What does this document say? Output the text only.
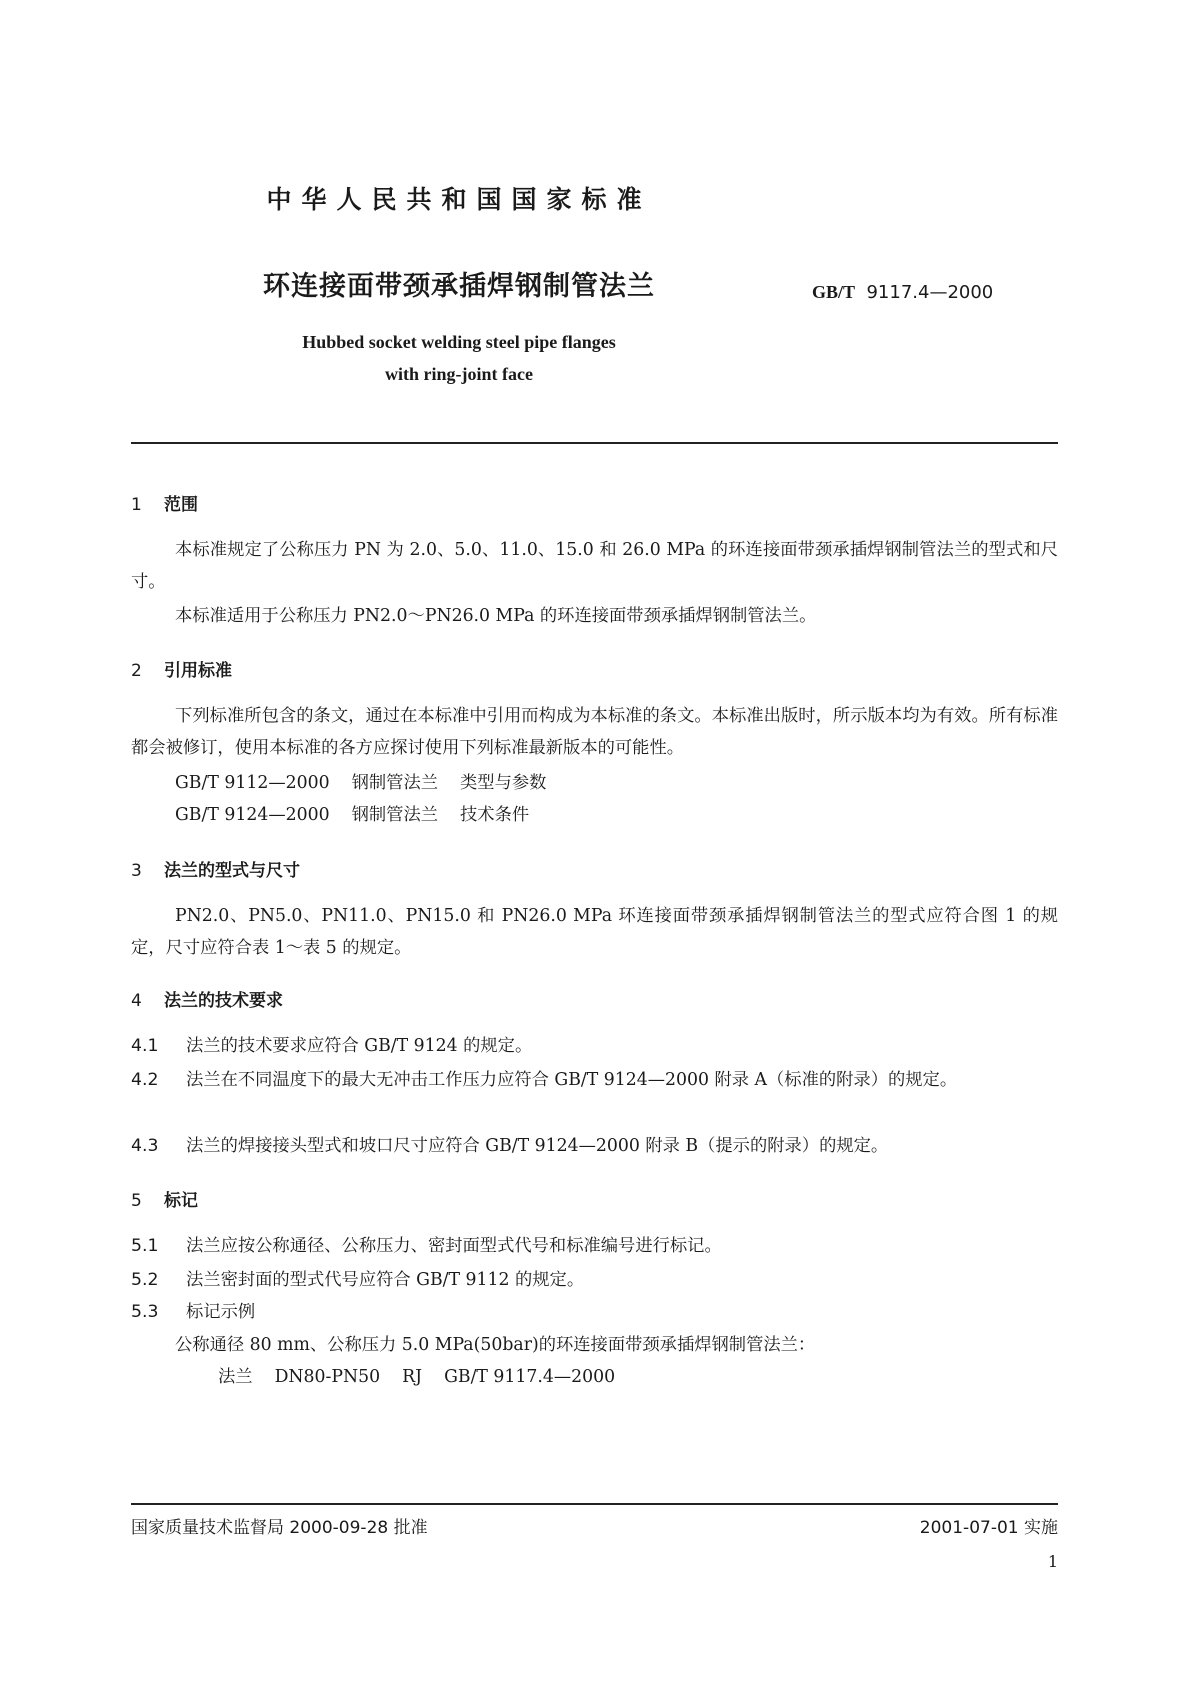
中华人民共和国国家标准
环连接面带颈承插焊钢制管法兰	GB/T 9117.4—2000
Hubbed socket welding steel pipe flanges
with ring-joint face
1 范围
本标准规定了公称压力 PN 为 2.0、5.0、11.0、15.0 和 26.0 MPa 的环连接面带颈承插焊钢制管法兰的型式和尺寸。
本标准适用于公称压力 PN2.0～PN26.0 MPa 的环连接面带颈承插焊钢制管法兰。
2 引用标准
下列标准所包含的条文，通过在本标准中引用而构成为本标准的条文。本标准出版时，所示版本均为有效。所有标准都会被修订，使用本标准的各方应探讨使用下列标准最新版本的可能性。
GB/T 9112—2000 钢制管法兰 类型与参数
GB/T 9124—2000 钢制管法兰 技术条件
3 法兰的型式与尺寸
PN2.0、PN5.0、PN11.0、PN15.0 和 PN26.0 MPa 环连接面带颈承插焊钢制管法兰的型式应符合图 1 的规定，尺寸应符合表 1～表 5 的规定。
4 法兰的技术要求
4.1 法兰的技术要求应符合 GB/T 9124 的规定。
4.2 法兰在不同温度下的最大无冲击工作压力应符合 GB/T 9124—2000 附录 A（标准的附录）的规定。
4.3 法兰的焊接接头型式和坡口尺寸应符合 GB/T 9124—2000 附录 B（提示的附录）的规定。
5 标记
5.1 法兰应按公称通径、公称压力、密封面型式代号和标准编号进行标记。
5.2 法兰密封面的型式代号应符合 GB/T 9112 的规定。
5.3 标记示例
公称通径 80 mm、公称压力 5.0 MPa(50bar)的环连接面带颈承插焊钢制管法兰：
法兰 DN80-PN50 RJ GB/T 9117.4—2000
国家质量技术监督局 2000-09-28 批准	2001-07-01 实施
1
